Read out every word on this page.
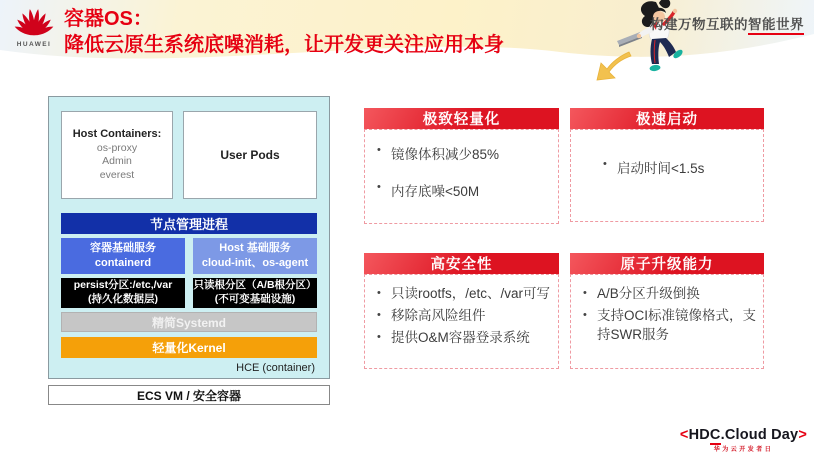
HUAWEI
容器OS：
降低云原生系统底噪消耗，让开发更关注应用本身
构建万物互联的智能世界
Host Containers:
os-proxy
Admin
everest
User Pods
节点管理进程
容器基础服务
containerd
Host 基础服务
cloud-init、os-agent
persist分区:/etc,/var
(持久化数据层)
只读根分区（A/B根分区）
(不可变基础设施)
精简Systemd
轻量化Kernel
HCE (container)
ECS VM / 安全容器
极致轻量化
• 镜像体积减少85%
• 内存底噪<50M
极速启动
• 启动时间<1.5s
高安全性
• 只读rootfs，/etc、/var可写
• 移除高风险组件
• 提供O&M容器登录系统
原子升级能力
• A/B分区升级倒换
• 支持OCI标准镜像格式，支持SWR服务
<HDC.Cloud Day>
华为云开发者日
